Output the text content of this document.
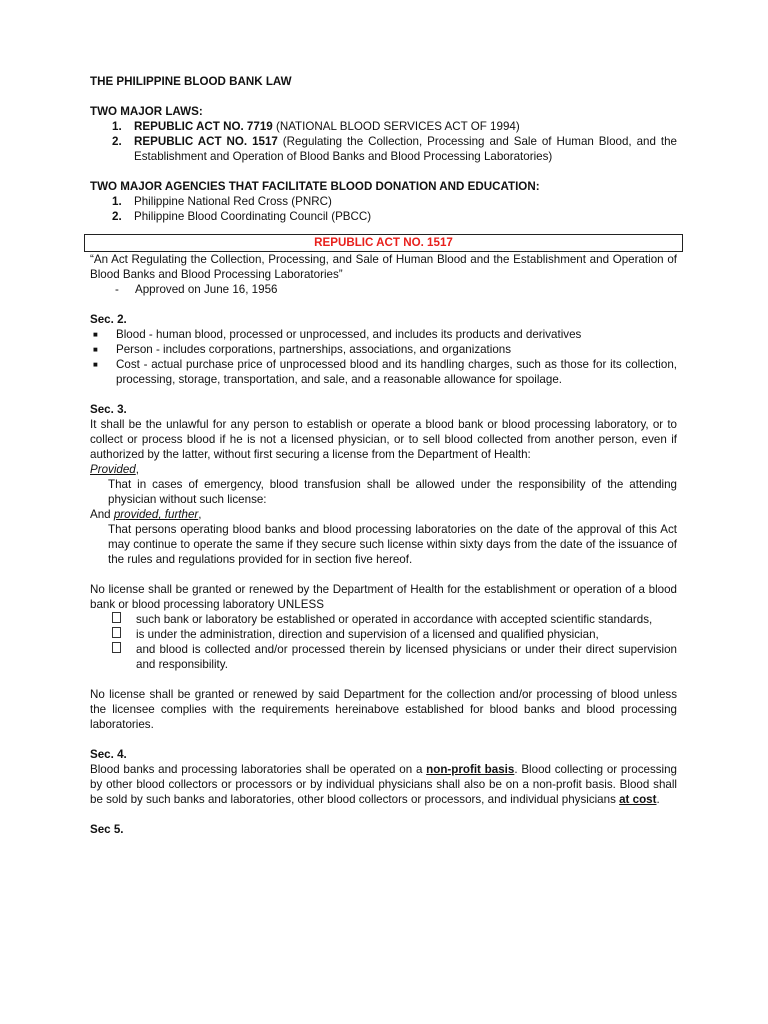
THE PHILIPPINE BLOOD BANK LAW

TWO MAJOR LAWS:

1.	REPUBLIC ACT NO. 7719 (NATIONAL BLOOD SERVICES ACT OF 1994)
2.	REPUBLIC ACT NO. 1517 (Regulating the Collection, Processing and Sale of Human Blood, and the Establishment and Operation of Blood Banks and Blood Processing Laboratories)

TWO MAJOR AGENCIES THAT FACILITATE BLOOD DONATION AND EDUCATION:

1.	Philippine National Red Cross (PNRC)
2.	Philippine Blood Coordinating Council (PBCC)
REPUBLIC ACT NO. 1517

“An Act Regulating the Collection, Processing, and Sale of Human Blood and the Establishment and Operation of Blood Banks and Blood Processing Laboratories”

-	Approved on June 16, 1956

Sec. 2.

■	Blood - human blood, processed or unprocessed, and includes its products and derivatives
■	Person - includes corporations, partnerships, associations, and organizations
■	Cost - actual purchase price of unprocessed blood and its handling charges, such as those for its collection, processing, storage, transportation, and sale, and a reasonable allowance for spoilage.

Sec. 3.

It shall be the unlawful for any person to establish or operate a blood bank or blood processing laboratory, or to collect or process blood if he is not a licensed physician, or to sell blood collected from another person, even if authorized by the latter, without first securing a license from the Department of Health:

Provided,

That in cases of emergency, blood transfusion shall be allowed under the responsibility of the attending physician without such license:

And provided, further,

That persons operating blood banks and blood processing laboratories on the date of the approval of this Act may continue to operate the same if they secure such license within sixty days from the date of the issuance of the rules and regulations provided for in section five hereof.

No license shall be granted or renewed by the Department of Health for the establishment or operation of a blood bank or blood processing laboratory UNLESS

such bank or laboratory be established or operated in accordance with accepted scientific standards,
is under the administration, direction and supervision of a licensed and qualified physician,
and blood is collected and/or processed therein by licensed physicians or under their direct supervision and responsibility.

No license shall be granted or renewed by said Department for the collection and/or processing of blood unless the licensee complies with the requirements hereinabove established for blood banks and blood processing laboratories.

Sec. 4.

Blood banks and processing laboratories shall be operated on a non-profit basis. Blood collecting or processing by other blood collectors or processors or by individual physicians shall also be on a non-profit basis. Blood shall be sold by such banks and laboratories, other blood collectors or processors, and individual physicians at cost.

Sec 5.
